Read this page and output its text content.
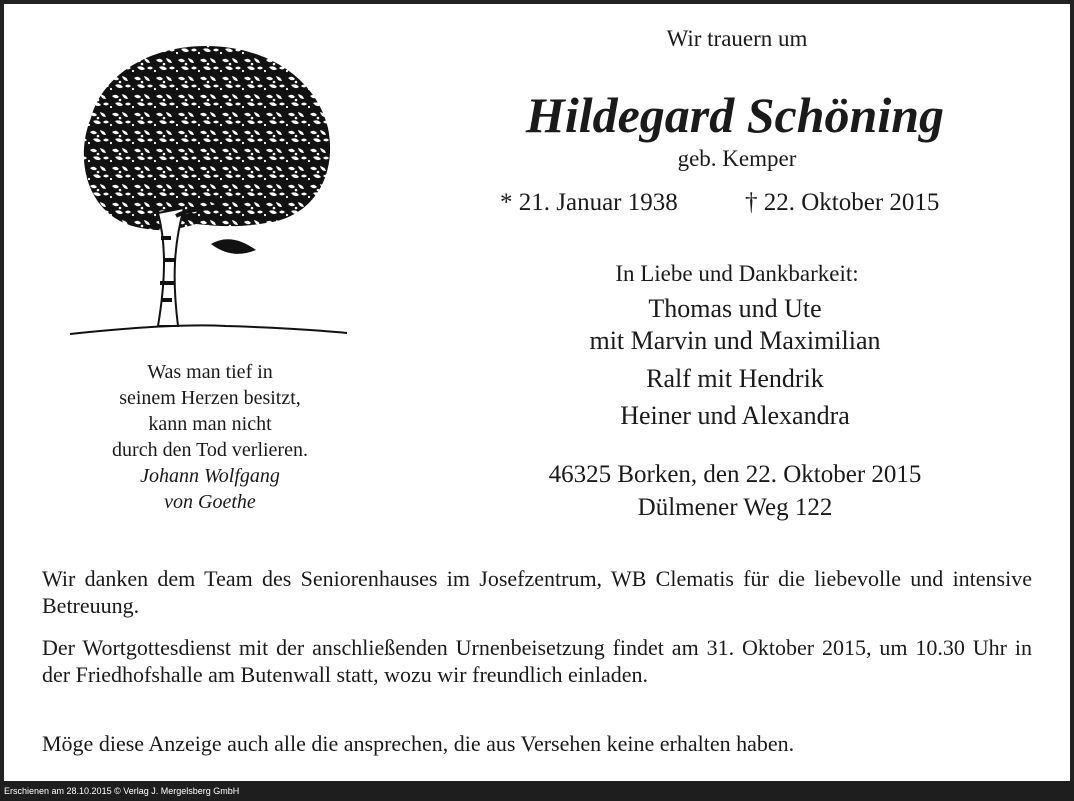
Wir trauern um
Hildegard Schöning
geb. Kemper
* 21. Januar 1938	† 22. Oktober 2015
In Liebe und Dankbarkeit:
Thomas und Ute
mit Marvin und Maximilian
Ralf mit Hendrik
Heiner und Alexandra
46325 Borken, den 22. Oktober 2015
Dülmener Weg 122
Was man tief in
seinem Herzen besitzt,
kann man nicht
durch den Tod verlieren.
Johann Wolfgang
von Goethe
Wir danken dem Team des Seniorenhauses im Josefzentrum, WB Clematis für die liebevolle und intensive Betreuung.
Der Wortgottesdienst mit der anschließenden Urnenbeisetzung findet am 31. Oktober 2015, um 10.30 Uhr in der Friedhofshalle am Butenwall statt, wozu wir freundlich einladen.
Möge diese Anzeige auch alle die ansprechen, die aus Versehen keine erhalten haben.
Erschienen am 28.10.2015 © Verlag J. Mergelsberg GmbH
